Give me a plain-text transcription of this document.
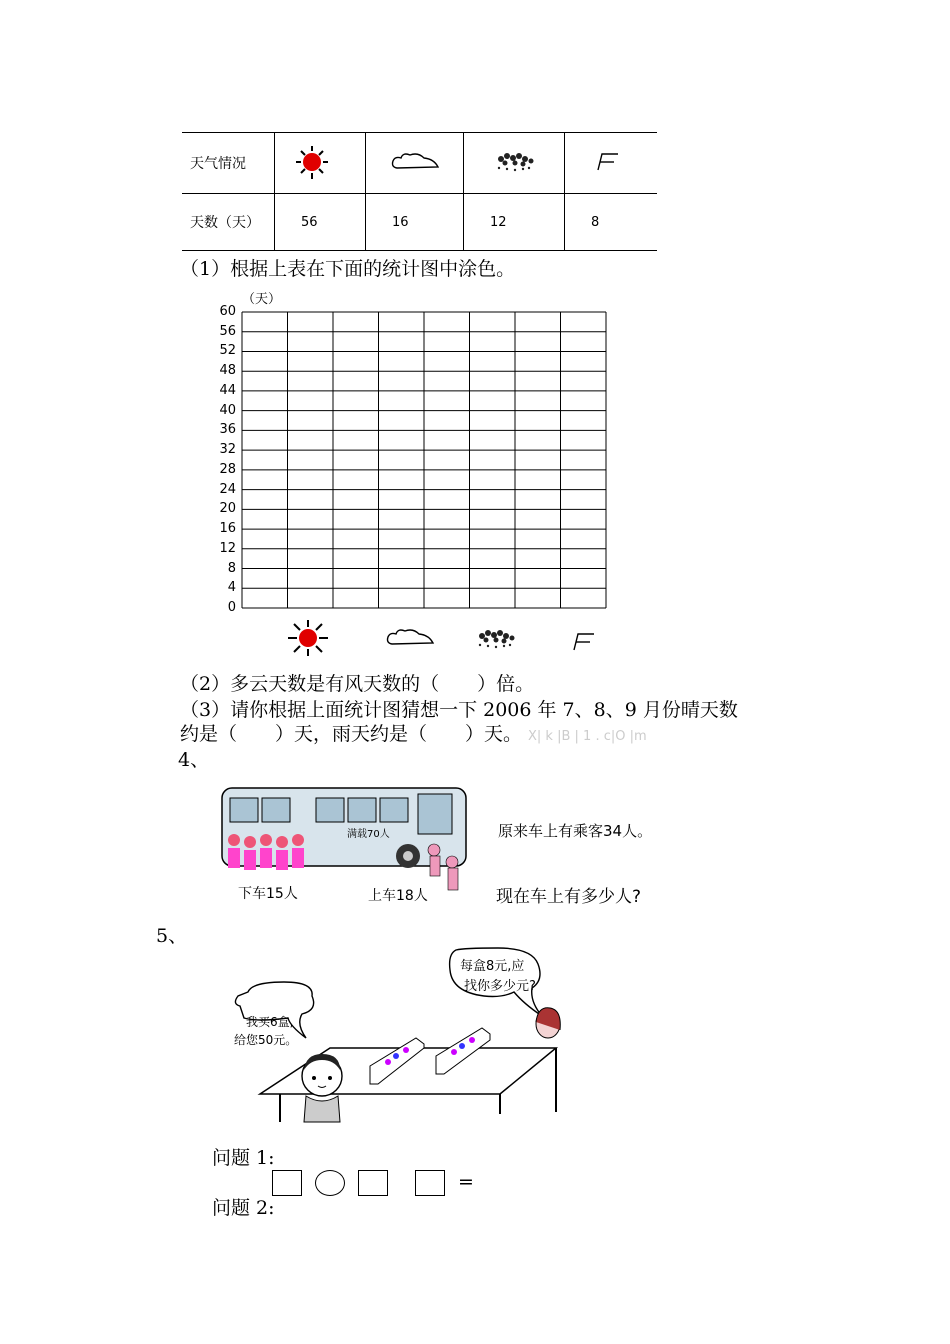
天气情况				
天数（天）	56	16	12	8
（1）根据上表在下面的统计图中涂色。
（天）
60
56
52
48
44
40
36
32
28
24
20
16
12
8
4
0
（2）多云天数是有风天数的（　　）倍。
（3）请你根据上面统计图猜想一下 2006 年 7、8、9 月份晴天数
约是（　　）天，雨天约是（　　）天。 X| k |B | 1 . c|O |m
4、
满载70人
下车15人	上车18人
原来车上有乘客34人。
现在车上有多少人?
5、
每盒8元,应
找你多少元?
我买6盒,
给您50元。
问题 1:
=
问题 2:
